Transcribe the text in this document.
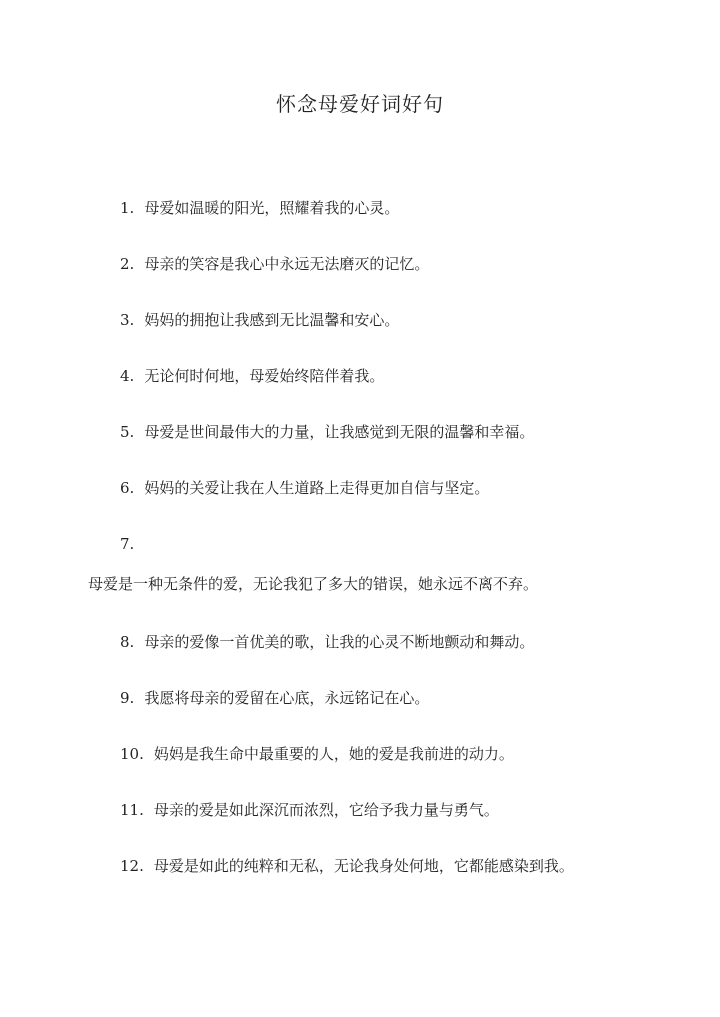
怀念母爱好词好句
1. 母爱如温暖的阳光，照耀着我的心灵。
2. 母亲的笑容是我心中永远无法磨灭的记忆。
3. 妈妈的拥抱让我感到无比温馨和安心。
4. 无论何时何地，母爱始终陪伴着我。
5. 母爱是世间最伟大的力量，让我感觉到无限的温馨和幸福。
6. 妈妈的关爱让我在人生道路上走得更加自信与坚定。
7.
母爱是一种无条件的爱，无论我犯了多大的错误，她永远不离不弃。
8. 母亲的爱像一首优美的歌，让我的心灵不断地颤动和舞动。
9. 我愿将母亲的爱留在心底，永远铭记在心。
10. 妈妈是我生命中最重要的人，她的爱是我前进的动力。
11. 母亲的爱是如此深沉而浓烈，它给予我力量与勇气。
12. 母爱是如此的纯粹和无私，无论我身处何地，它都能感染到我。
